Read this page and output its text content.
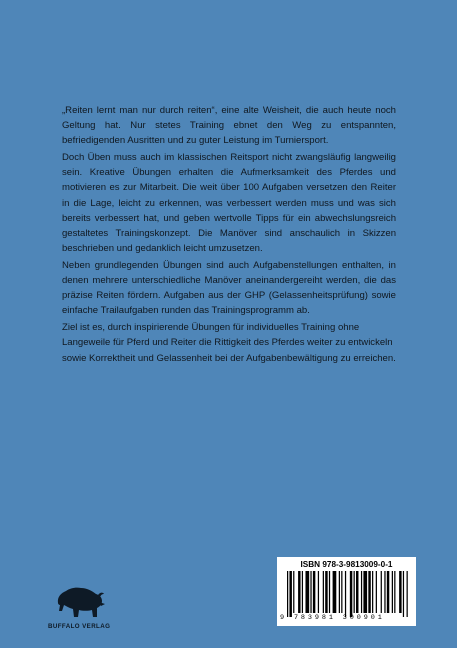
„Reiten lernt man nur durch reiten“, eine alte Weisheit, die auch heute noch Geltung hat. Nur stetes Training ebnet den Weg zu entspannten, befriedigenden Ausritten und zu guter Leistung im Turniersport.

Doch Üben muss auch im klassischen Reitsport nicht zwangsläufig langweilig sein. Kreative Übungen erhalten die Aufmerksamkeit des Pferdes und motivieren es zur Mitarbeit. Die weit über 100 Aufgaben versetzen den Reiter in die Lage, leicht zu erkennen, was verbessert werden muss und was sich bereits verbessert hat, und geben wertvolle Tipps für ein abwechslungsreich gestaltetes Trainingskonzept. Die Manöver sind anschaulich in Skizzen beschrieben und gedanklich leicht umzusetzen.

Neben grundlegenden Übungen sind auch Aufgabenstellungen enthalten, in denen mehrere unterschiedliche Manöver aneinandergereiht werden, die das präzise Reiten fördern. Aufgaben aus der GHP (Gelassenheitsprüfung) sowie einfache Trailaufgaben runden das Trainingsprogramm ab.

Ziel ist es, durch inspirierende Übungen für individuelles Training ohne Langeweile für Pferd und Reiter die Rittigkeit des Pferdes weiter zu entwickeln sowie Korrektheit und Gelassenheit bei der Aufgabenbewältigung zu erreichen.

BUFFALO VERLAG
ISBN 978-3-9813009-0-1
9 783981 300901
